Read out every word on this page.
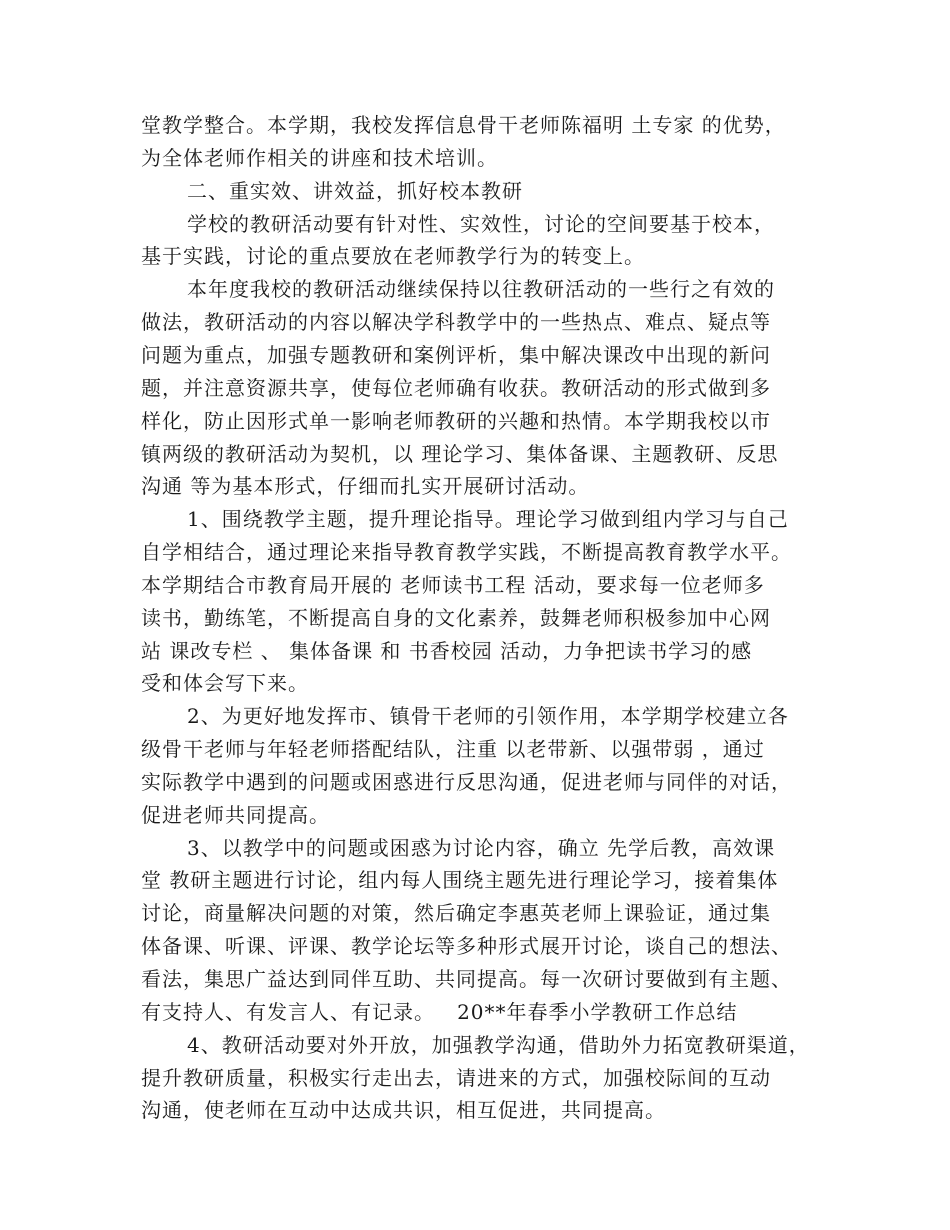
堂教学整合。本学期，我校发挥信息骨干老师陈福明 土专家 的优势，
为全体老师作相关的讲座和技术培训。
二、重实效、讲效益，抓好校本教研
学校的教研活动要有针对性、实效性，讨论的空间要基于校本，
基于实践，讨论的重点要放在老师教学行为的转变上。
本年度我校的教研活动继续保持以往教研活动的一些行之有效的
做法，教研活动的内容以解决学科教学中的一些热点、难点、疑点等
问题为重点，加强专题教研和案例评析，集中解决课改中出现的新问
题，并注意资源共享，使每位老师确有收获。教研活动的形式做到多
样化，防止因形式单一影响老师教研的兴趣和热情。本学期我校以市
镇两级的教研活动为契机，以 理论学习、集体备课、主题教研、反思
沟通 等为基本形式，仔细而扎实开展研讨活动。
1、围绕教学主题，提升理论指导。理论学习做到组内学习与自己
自学相结合，通过理论来指导教育教学实践，不断提高教育教学水平。
本学期结合市教育局开展的 老师读书工程 活动，要求每一位老师多
读书，勤练笔，不断提高自身的文化素养，鼓舞老师积极参加中心网
站 课改专栏 、 集体备课 和 书香校园 活动，力争把读书学习的感
受和体会写下来。
2、为更好地发挥市、镇骨干老师的引领作用，本学期学校建立各
级骨干老师与年轻老师搭配结队，注重 以老带新、以强带弱 ，通过
实际教学中遇到的问题或困惑进行反思沟通，促进老师与同伴的对话，
促进老师共同提高。
3、以教学中的问题或困惑为讨论内容，确立 先学后教，高效课
堂 教研主题进行讨论，组内每人围绕主题先进行理论学习，接着集体
讨论，商量解决问题的对策，然后确定李惠英老师上课验证，通过集
体备课、听课、评课、教学论坛等多种形式展开讨论，谈自己的想法、
看法，集思广益达到同伴互助、共同提高。每一次研讨要做到有主题、
有支持人、有发言人、有记录。   20**年春季小学教研工作总结
4、教研活动要对外开放，加强教学沟通，借助外力拓宽教研渠道，
提升教研质量，积极实行走出去，请进来的方式，加强校际间的互动
沟通，使老师在互动中达成共识，相互促进，共同提高。
